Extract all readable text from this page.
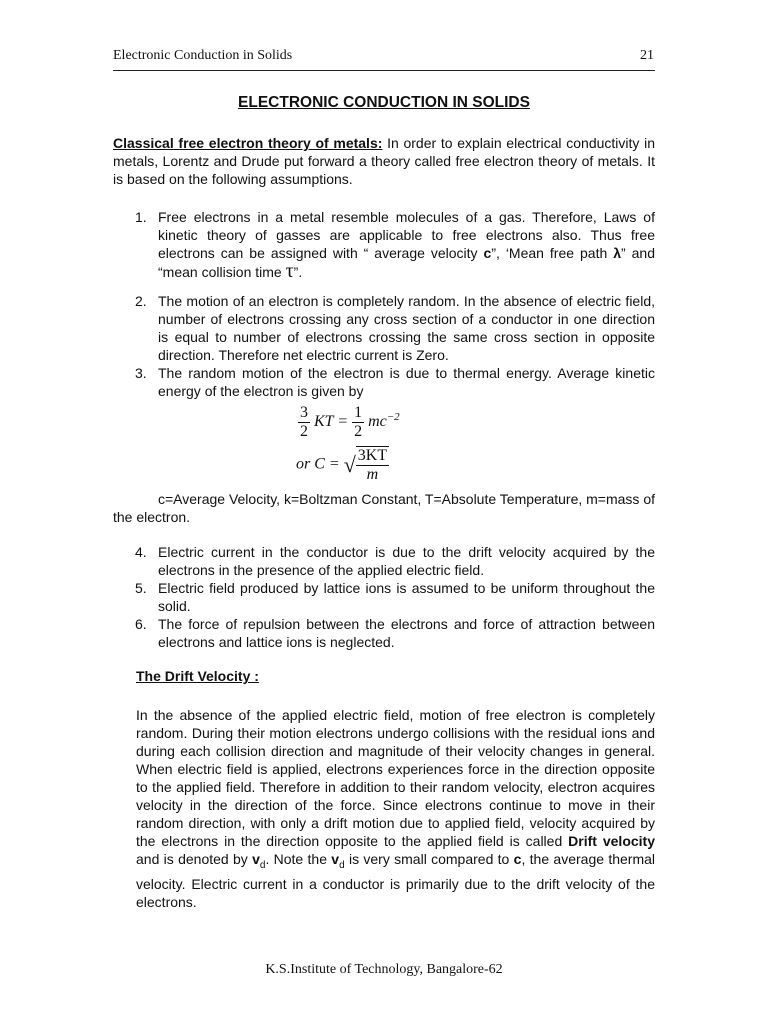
Electronic Conduction in Solids	21
ELECTRONIC CONDUCTION IN SOLIDS
Classical free electron theory of metals: In order to explain electrical conductivity in metals, Lorentz and Drude put forward a theory called free electron theory of metals. It is based on the following assumptions.
1. Free electrons in a metal resemble molecules of a gas. Therefore, Laws of kinetic theory of gasses are applicable to free electrons also. Thus free electrons can be assigned with “ average velocity c”, ‘Mean free path λ” and “mean collision time τ”.
2. The motion of an electron is completely random. In the absence of electric field, number of electrons crossing any cross section of a conductor in one direction is equal to number of electrons crossing the same cross section in opposite direction. Therefore net electric current is Zero.
3. The random motion of the electron is due to thermal energy. Average kinetic energy of the electron is given by
$\frac{3}{2}$ KT = $\frac{1}{2} mc^{-2}$
or C = √ $\frac{3KT}{m}$
c=Average Velocity, k=Boltzman Constant, T=Absolute Temperature, m=mass of the electron.
4. Electric current in the conductor is due to the drift velocity acquired by the electrons in the presence of the applied electric field.
5. Electric field produced by lattice ions is assumed to be uniform throughout the solid.
6. The force of repulsion between the electrons and force of attraction between electrons and lattice ions is neglected.
The Drift Velocity :
In the absence of the applied electric field, motion of free electron is completely random. During their motion electrons undergo collisions with the residual ions and during each collision direction and magnitude of their velocity changes in general. When electric field is applied, electrons experiences force in the direction opposite to the applied field. Therefore in addition to their random velocity, electron acquires velocity in the direction of the force. Since electrons continue to move in their random direction, with only a drift motion due to applied field, velocity acquired by the electrons in the direction opposite to the applied field is called Drift velocity and is denoted by $v_d$. Note the $v_d$ is very small compared to c, the average thermal velocity. Electric current in a conductor is primarily due to the drift velocity of the electrons.
K.S.Institute of Technology, Bangalore-62
